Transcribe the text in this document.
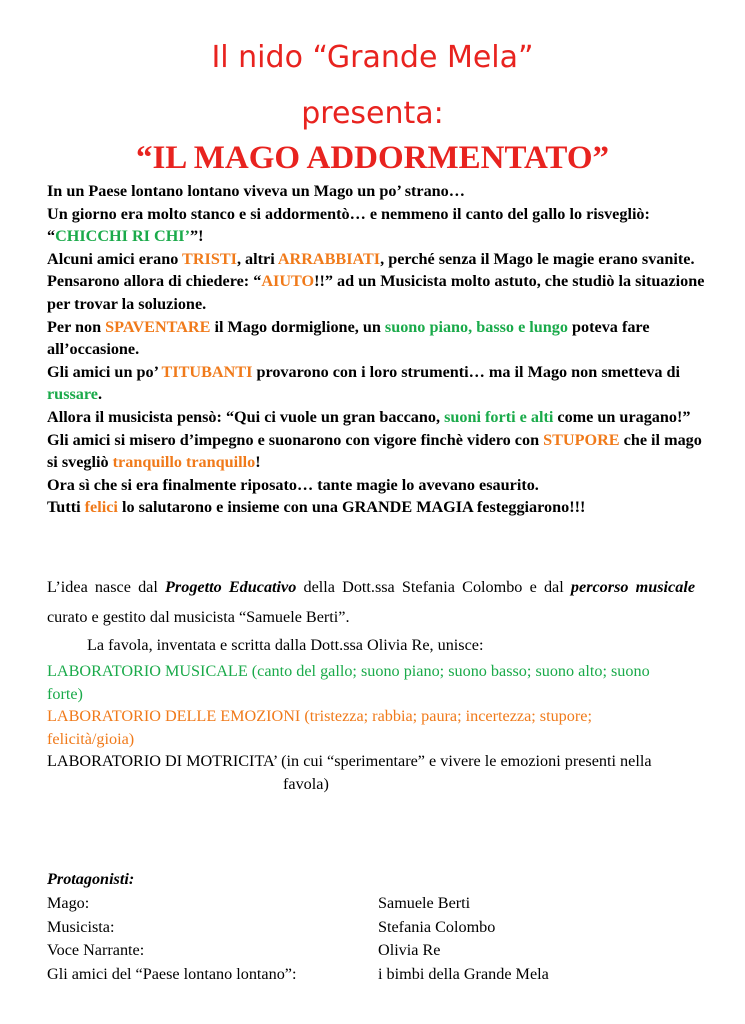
Il nido “Grande Mela”
presenta:
“IL MAGO ADDORMENTATO”

In un Paese lontano lontano viveva un Mago un po’ strano…

Un giorno era molto stanco e si addormentò… e nemmeno il canto del gallo lo risvegliò: “CHICCHI RI CHI’”!

Alcuni amici erano TRISTI, altri ARRABBIATI, perché senza il Mago le magie erano svanite.

Pensarono allora di chiedere: “AIUTO!!” ad un Musicista molto astuto, che studiò la situazione per trovar la soluzione.

Per non SPAVENTARE il Mago dormiglione, un suono piano, basso e lungo poteva fare all’occasione.

Gli amici un po’ TITUBANTI provarono con i loro strumenti… ma il Mago non smetteva di russare.

Allora il musicista pensò: “Qui ci vuole un gran baccano, suoni forti e alti come un uragano!”

Gli amici si misero d’impegno e suonarono con vigore finchè videro con STUPORE che il mago si svegliò tranquillo tranquillo!

Ora sì che si era finalmente riposato… tante magie lo avevano esaurito.

Tutti felici lo salutarono e insieme con una GRANDE MAGIA festeggiarono!!!

L’idea nasce dal Progetto Educativo della Dott.ssa Stefania Colombo e dal percorso musicale curato e gestito dal musicista “Samuele Berti”.
La favola, inventata e scritta dalla Dott.ssa Olivia Re, unisce:

LABORATORIO MUSICALE (canto del gallo; suono piano; suono basso; suono alto; suono forte)

LABORATORIO DELLE EMOZIONI (tristezza; rabbia; paura; incertezza; stupore; felicità/gioia)

LABORATORIO DI MOTRICITA’ (in cui “sperimentare” e vivere le emozioni presenti nella

favola)

Protagonisti:
Mago:	Samuele Berti
Musicista:	Stefania Colombo
Voce Narrante:	Olivia Re
Gli amici del “Paese lontano lontano”:	i bimbi della Grande Mela
